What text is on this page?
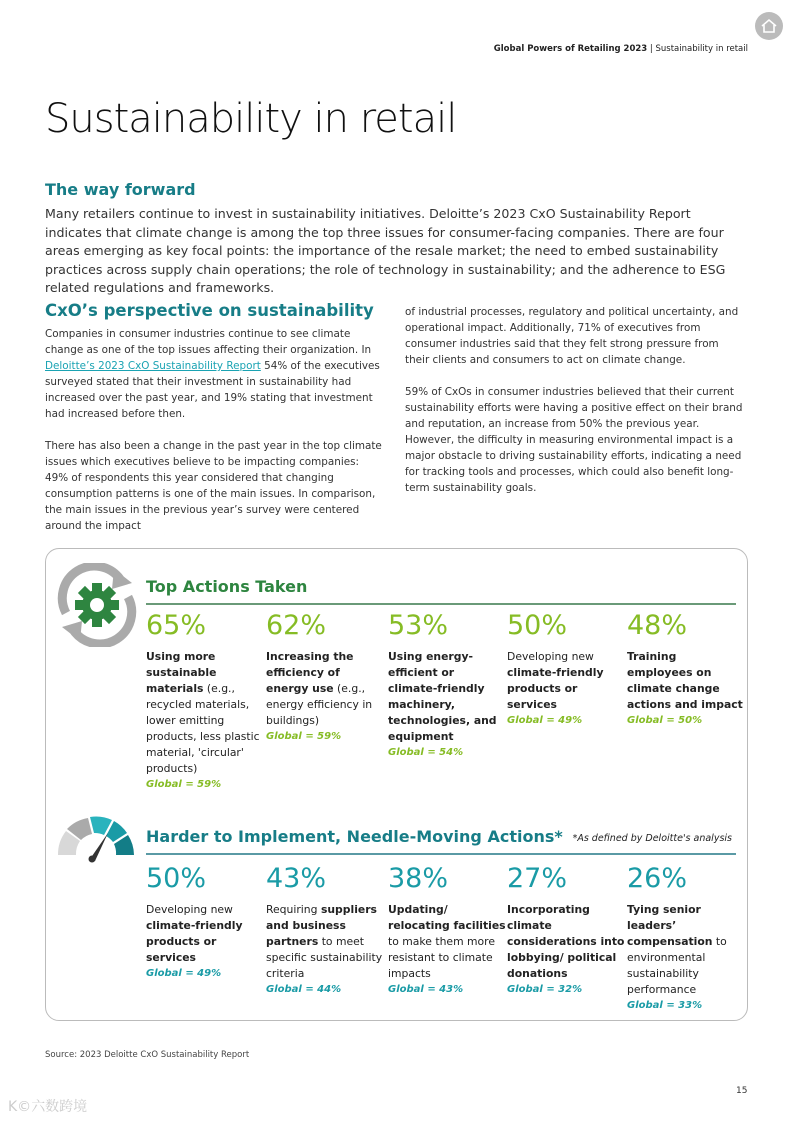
Global Powers of Retailing 2023 | Sustainability in retail
Sustainability in retail
The way forward
Many retailers continue to invest in sustainability initiatives. Deloitte’s 2023 CxO Sustainability Report indicates that climate change is among the top three issues for consumer-facing companies. There are four areas emerging as key focal points: the importance of the resale market; the need to embed sustainability practices across supply chain operations; the role of technology in sustainability; and the adherence to ESG related regulations and frameworks.
CxO’s perspective on sustainability

Companies in consumer industries continue to see climate change as one of the top issues affecting their organization. In Deloitte’s 2023 CxO Sustainability Report 54% of the executives surveyed stated that their investment in sustainability had increased over the past year, and 19% stating that investment had increased before then.

There has also been a change in the past year in the top climate issues which executives believe to be impacting companies: 49% of respondents this year considered that changing consumption patterns is one of the main issues. In comparison, the main issues in the previous year’s survey were centered around the impact

of industrial processes, regulatory and political uncertainty, and operational impact. Additionally, 71% of executives from consumer industries said that they felt strong pressure from their clients and consumers to act on climate change.

59% of CxOs in consumer industries believed that their current sustainability efforts were having a positive effect on their brand and reputation, an increase from 50% the previous year. However, the difficulty in measuring environmental impact is a major obstacle to driving sustainability efforts, indicating a need for tracking tools and processes, which could also benefit long-term sustainability goals.

Top Actions Taken
65%
Using more sustainable materials (e.g., recycled materials, lower emitting products, less plastic material, 'circular' products)
Global = 59%
62%
Increasing the efficiency of energy use (e.g., energy efficiency in buildings)
Global = 59%
53%
Using energy-efficient or climate-friendly machinery, technologies, and equipment
Global = 54%
50%
Developing new climate-friendly products or services
Global = 49%
48%
Training employees on climate change actions and impact
Global = 50%
Harder to Implement, Needle-Moving Actions* *As defined by Deloitte's analysis
50%
Developing new climate-friendly products or services
Global = 49%
43%
Requiring suppliers and business partners to meet specific sustainability criteria
Global = 44%
38%
Updating/ relocating facilities to make them more resistant to climate impacts
Global = 43%
27%
Incorporating climate considerations into lobbying/ political donations
Global = 32%
26%
Tying senior leaders’ compensation to environmental sustainability performance
Global = 33%
Source: 2023 Deloitte CxO Sustainability Report
15
K©六数跨境
